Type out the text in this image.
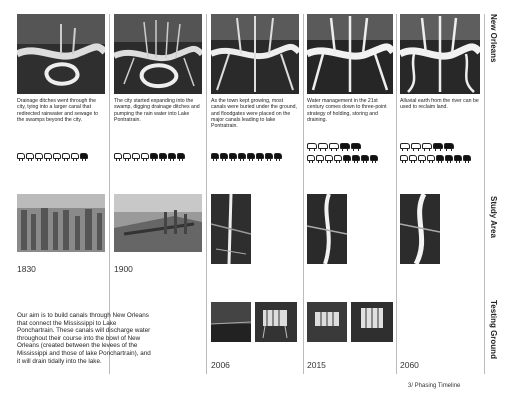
New Orleans
Study Area
Testing Ground
Drainage ditches went through the city, tying into a larger canal that redirected rainwater and sewage to the swamps beyond the city.
1830
Our aim is to build canals through New Orleans that connect the Mississippi to Lake Ponchartrain. These canals will discharge water throughout their course into the bowl of New Orleans (created between the levees of the Mississippi and those of lake Ponchartrain), and it will drain tidally into the lake.
The city started expanding into the swamp, digging drainage ditches and pumping the rain water into Lake Pontratrain.
1900
As the town kept growing, most canals were buried under the ground, and floodgates were placed on the major canals leading to lake Pontratrain.
2006
Water management in the 21st century comes down to three-point strategy of holding, storing and draining.
2015
Alluvial earth from the river can be used to reclaim land.
2060
3/ Phasing Timeline
